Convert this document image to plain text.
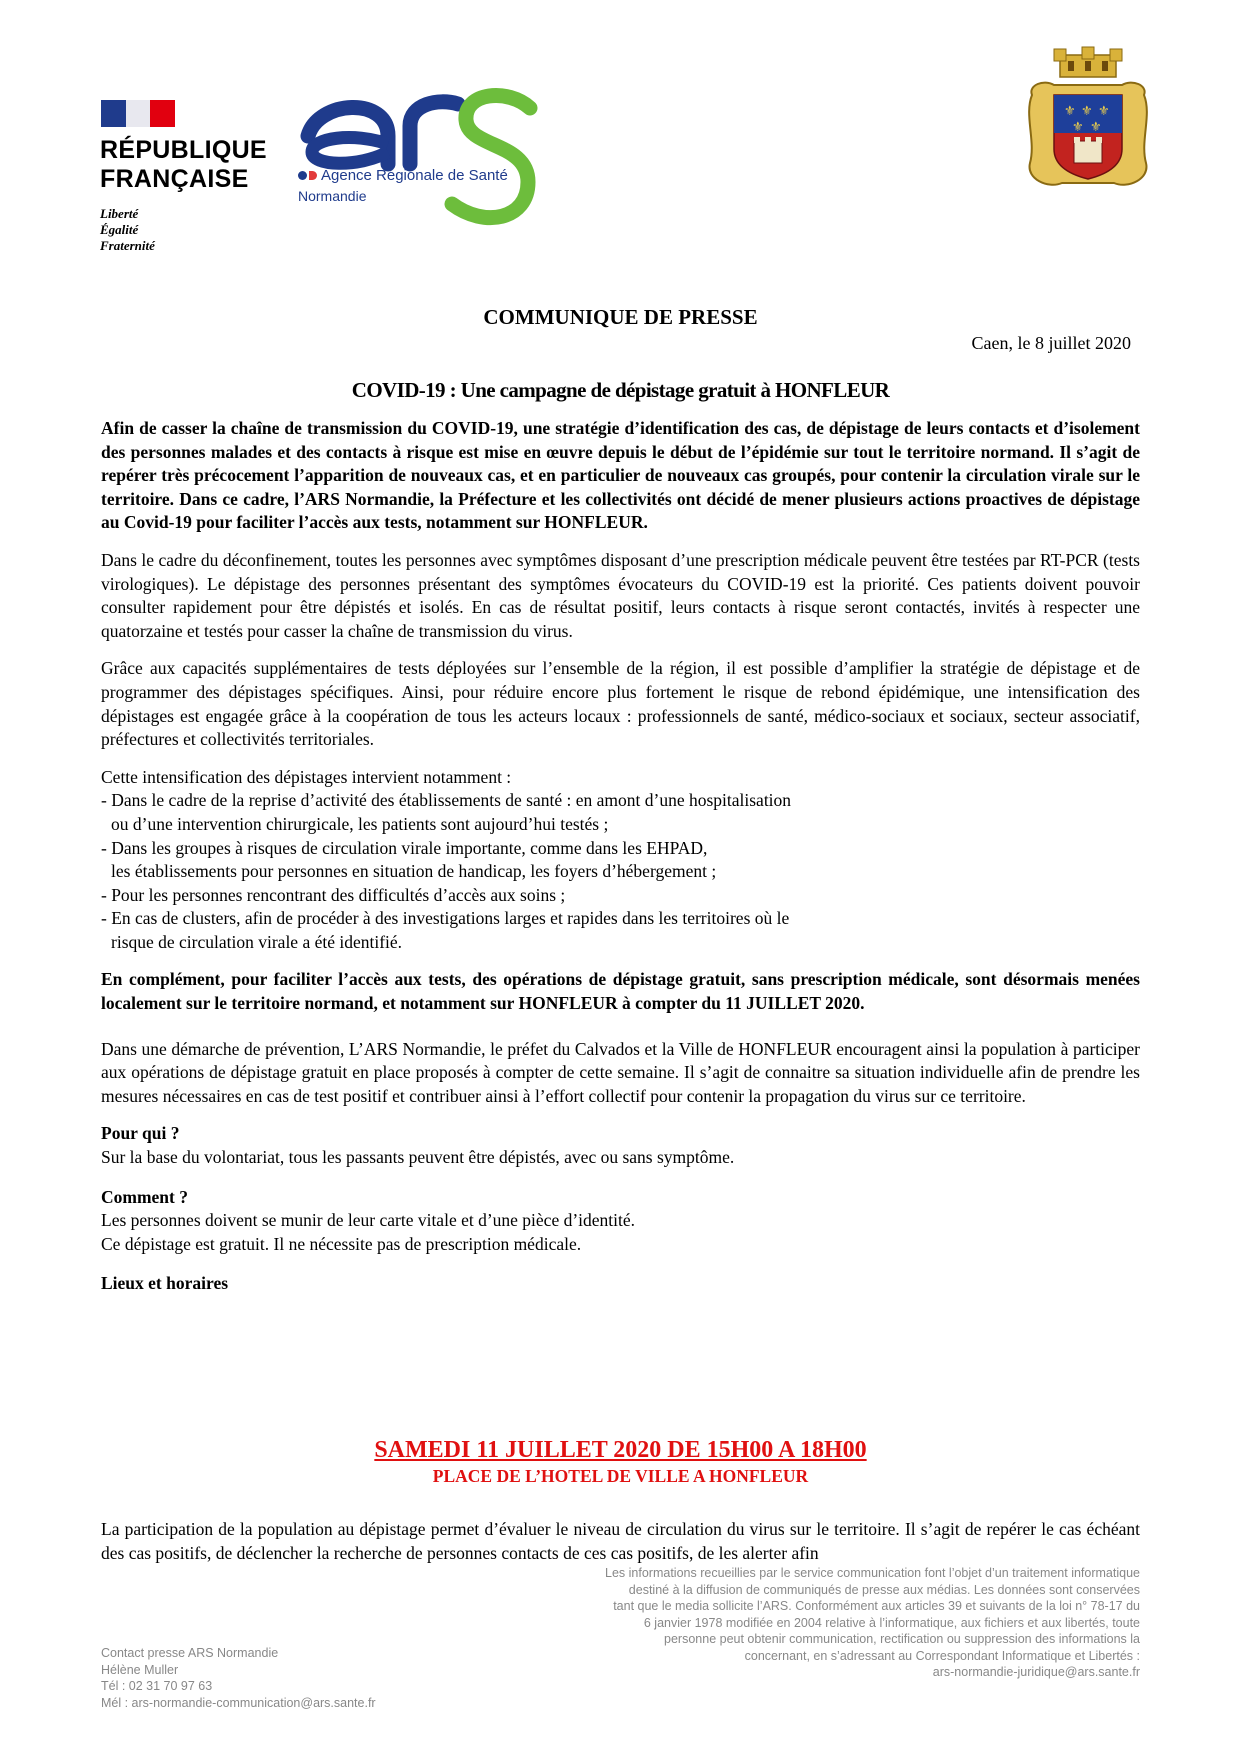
RÉPUBLIQUE
FRANÇAISE
Liberté
Égalité
Fraternité
Agence Régionale de Santé
Normandie
⚜ ⚜ ⚜
⚜ ⚜
COMMUNIQUE DE PRESSE
Caen, le 8 juillet 2020
COVID-19 : Une campagne de dépistage gratuit à HONFLEUR

Afin de casser la chaîne de transmission du COVID-19, une stratégie d’identification des cas, de dépistage de leurs contacts et d’isolement des personnes malades et des contacts à risque est mise en œuvre depuis le début de l’épidémie sur tout le territoire normand. Il s’agit de repérer très précocement l’apparition de nouveaux cas, et en particulier de nouveaux cas groupés, pour contenir la circulation virale sur le territoire. Dans ce cadre, l’ARS Normandie, la Préfecture et les collectivités ont décidé de mener plusieurs actions proactives de dépistage au Covid-19 pour faciliter l’accès aux tests, notamment sur HONFLEUR.

Dans le cadre du déconfinement, toutes les personnes avec symptômes disposant d’une prescription médicale peuvent être testées par RT-PCR (tests virologiques). Le dépistage des personnes présentant des symptômes évocateurs du COVID-19 est la priorité. Ces patients doivent pouvoir consulter rapidement pour être dépistés et isolés. En cas de résultat positif, leurs contacts à risque seront contactés, invités à respecter une quatorzaine et testés pour casser la chaîne de transmission du virus.

Grâce aux capacités supplémentaires de tests déployées sur l’ensemble de la région, il est possible d’amplifier la stratégie de dépistage et de programmer des dépistages spécifiques. Ainsi, pour réduire encore plus fortement le risque de rebond épidémique, une intensification des dépistages est engagée grâce à la coopération de tous les acteurs locaux : professionnels de santé, médico-sociaux et sociaux, secteur associatif, préfectures et collectivités territoriales.

Cette intensification des dépistages intervient notamment :

- Dans le cadre de la reprise d’activité des établissements de santé : en amont d’une hospitalisation

ou d’une intervention chirurgicale, les patients sont aujourd’hui testés ;

- Dans les groupes à risques de circulation virale importante, comme dans les EHPAD,

les établissements pour personnes en situation de handicap, les foyers d’hébergement ;

- Pour les personnes rencontrant des difficultés d’accès aux soins ;

- En cas de clusters, afin de procéder à des investigations larges et rapides dans les territoires où le

risque de circulation virale a été identifié.

En complément, pour faciliter l’accès aux tests, des opérations de dépistage gratuit, sans prescription médicale, sont désormais menées localement sur le territoire normand, et notamment sur HONFLEUR à compter du 11 JUILLET 2020.

Dans une démarche de prévention, L’ARS Normandie, le préfet du Calvados et la Ville de HONFLEUR encouragent ainsi la population à participer aux opérations de dépistage gratuit en place proposés à compter de cette semaine. Il s’agit de connaitre sa situation individuelle afin de prendre les mesures nécessaires en cas de test positif et contribuer ainsi à l’effort collectif pour contenir la propagation du virus sur ce territoire.

Pour qui ?

Sur la base du volontariat, tous les passants peuvent être dépistés, avec ou sans symptôme.

Comment ?

Les personnes doivent se munir de leur carte vitale et d’une pièce d’identité.

Ce dépistage est gratuit. Il ne nécessite pas de prescription médicale.

Lieux et horaires

SAMEDI 11 JUILLET 2020 DE 15H00 A 18H00
PLACE DE L’HOTEL DE VILLE A HONFLEUR
La participation de la population au dépistage permet d’évaluer le niveau de circulation du virus sur le territoire. Il s’agit de repérer le cas échéant des cas positifs, de déclencher la recherche de personnes contacts de ces cas positifs, de les alerter afin
Les informations recueillies par le service communication font l’objet d’un traitement informatique
destiné à la diffusion de communiqués de presse aux médias. Les données sont conservées
tant que le media sollicite l’ARS. Conformément aux articles 39 et suivants de la loi n° 78-17 du
6 janvier 1978 modifiée en 2004 relative à l’informatique, aux fichiers et aux libertés, toute
personne peut obtenir communication, rectification ou suppression des informations la
concernant, en s’adressant au Correspondant Informatique et Libertés :
ars-normandie-juridique@ars.sante.fr
Contact presse ARS Normandie
Hélène Muller
Tél : 02 31 70 97 63
Mél : ars-normandie-communication@ars.sante.fr
